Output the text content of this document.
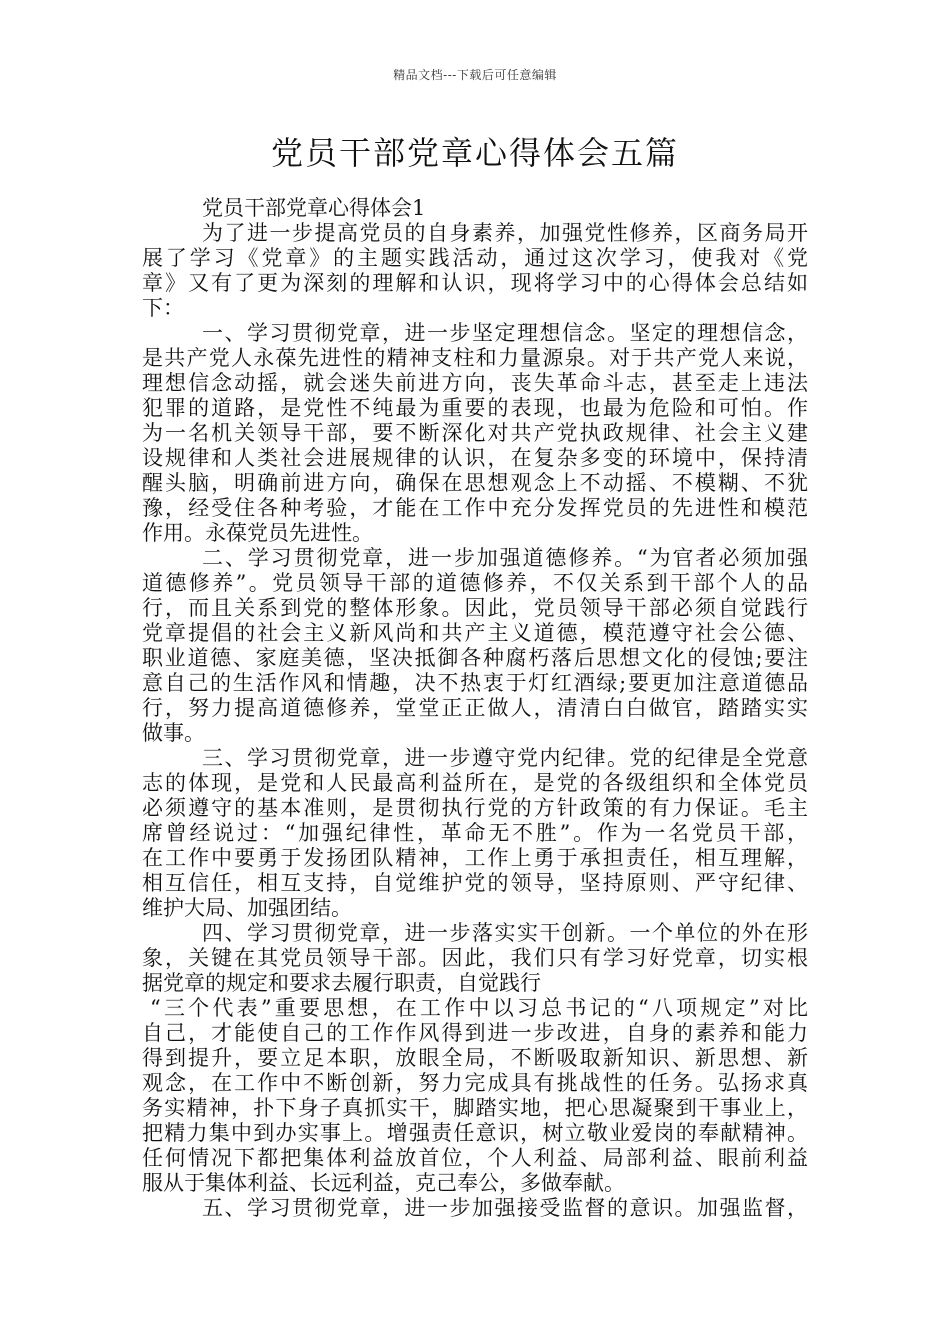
精品文档---下载后可任意编辑
党员干部党章心得体会五篇
党员干部党章心得体会1
为了进一步提高党员的自身素养，加强党性修养，区商务局开
展了学习《党章》的主题实践活动，通过这次学习，使我对《党
章》又有了更为深刻的理解和认识，现将学习中的心得体会总结如
下：
一、学习贯彻党章，进一步坚定理想信念。坚定的理想信念，
是共产党人永葆先进性的精神支柱和力量源泉。对于共产党人来说，
理想信念动摇，就会迷失前进方向，丧失革命斗志，甚至走上违法
犯罪的道路，是党性不纯最为重要的表现，也最为危险和可怕。作
为一名机关领导干部，要不断深化对共产党执政规律、社会主义建
设规律和人类社会进展规律的认识，在复杂多变的环境中，保持清
醒头脑，明确前进方向，确保在思想观念上不动摇、不模糊、不犹
豫，经受住各种考验，才能在工作中充分发挥党员的先进性和模范
作用。永葆党员先进性。
二、学习贯彻党章，进一步加强道德修养。“为官者必须加强
道德修养”。党员领导干部的道德修养，不仅关系到干部个人的品
行，而且关系到党的整体形象。因此，党员领导干部必须自觉践行
党章提倡的社会主义新风尚和共产主义道德，模范遵守社会公德、
职业道德、家庭美德，坚决抵御各种腐朽落后思想文化的侵蚀;要注
意自己的生活作风和情趣，决不热衷于灯红酒绿;要更加注意道德品
行，努力提高道德修养，堂堂正正做人，清清白白做官，踏踏实实
做事。
三、学习贯彻党章，进一步遵守党内纪律。党的纪律是全党意
志的体现，是党和人民最高利益所在，是党的各级组织和全体党员
必须遵守的基本准则，是贯彻执行党的方针政策的有力保证。毛主
席曾经说过：“加强纪律性，革命无不胜”。作为一名党员干部，
在工作中要勇于发扬团队精神，工作上勇于承担责任，相互理解，
相互信任，相互支持，自觉维护党的领导，坚持原则、严守纪律、
维护大局、加强团结。
四、学习贯彻党章，进一步落实实干创新。一个单位的外在形
象，关键在其党员领导干部。因此，我们只有学习好党章，切实根
据党章的规定和要求去履行职责，自觉践行
“三个代表”重要思想，在工作中以习总书记的“八项规定”对比
自己，才能使自己的工作作风得到进一步改进，自身的素养和能力
得到提升，要立足本职，放眼全局，不断吸取新知识、新思想、新
观念，在工作中不断创新，努力完成具有挑战性的任务。弘扬求真
务实精神，扑下身子真抓实干，脚踏实地，把心思凝聚到干事业上，
把精力集中到办实事上。增强责任意识，树立敬业爱岗的奉献精神。
任何情况下都把集体利益放首位，个人利益、局部利益、眼前利益
服从于集体利益、长远利益，克己奉公，多做奉献。
五、学习贯彻党章，进一步加强接受监督的意识。加强监督，
